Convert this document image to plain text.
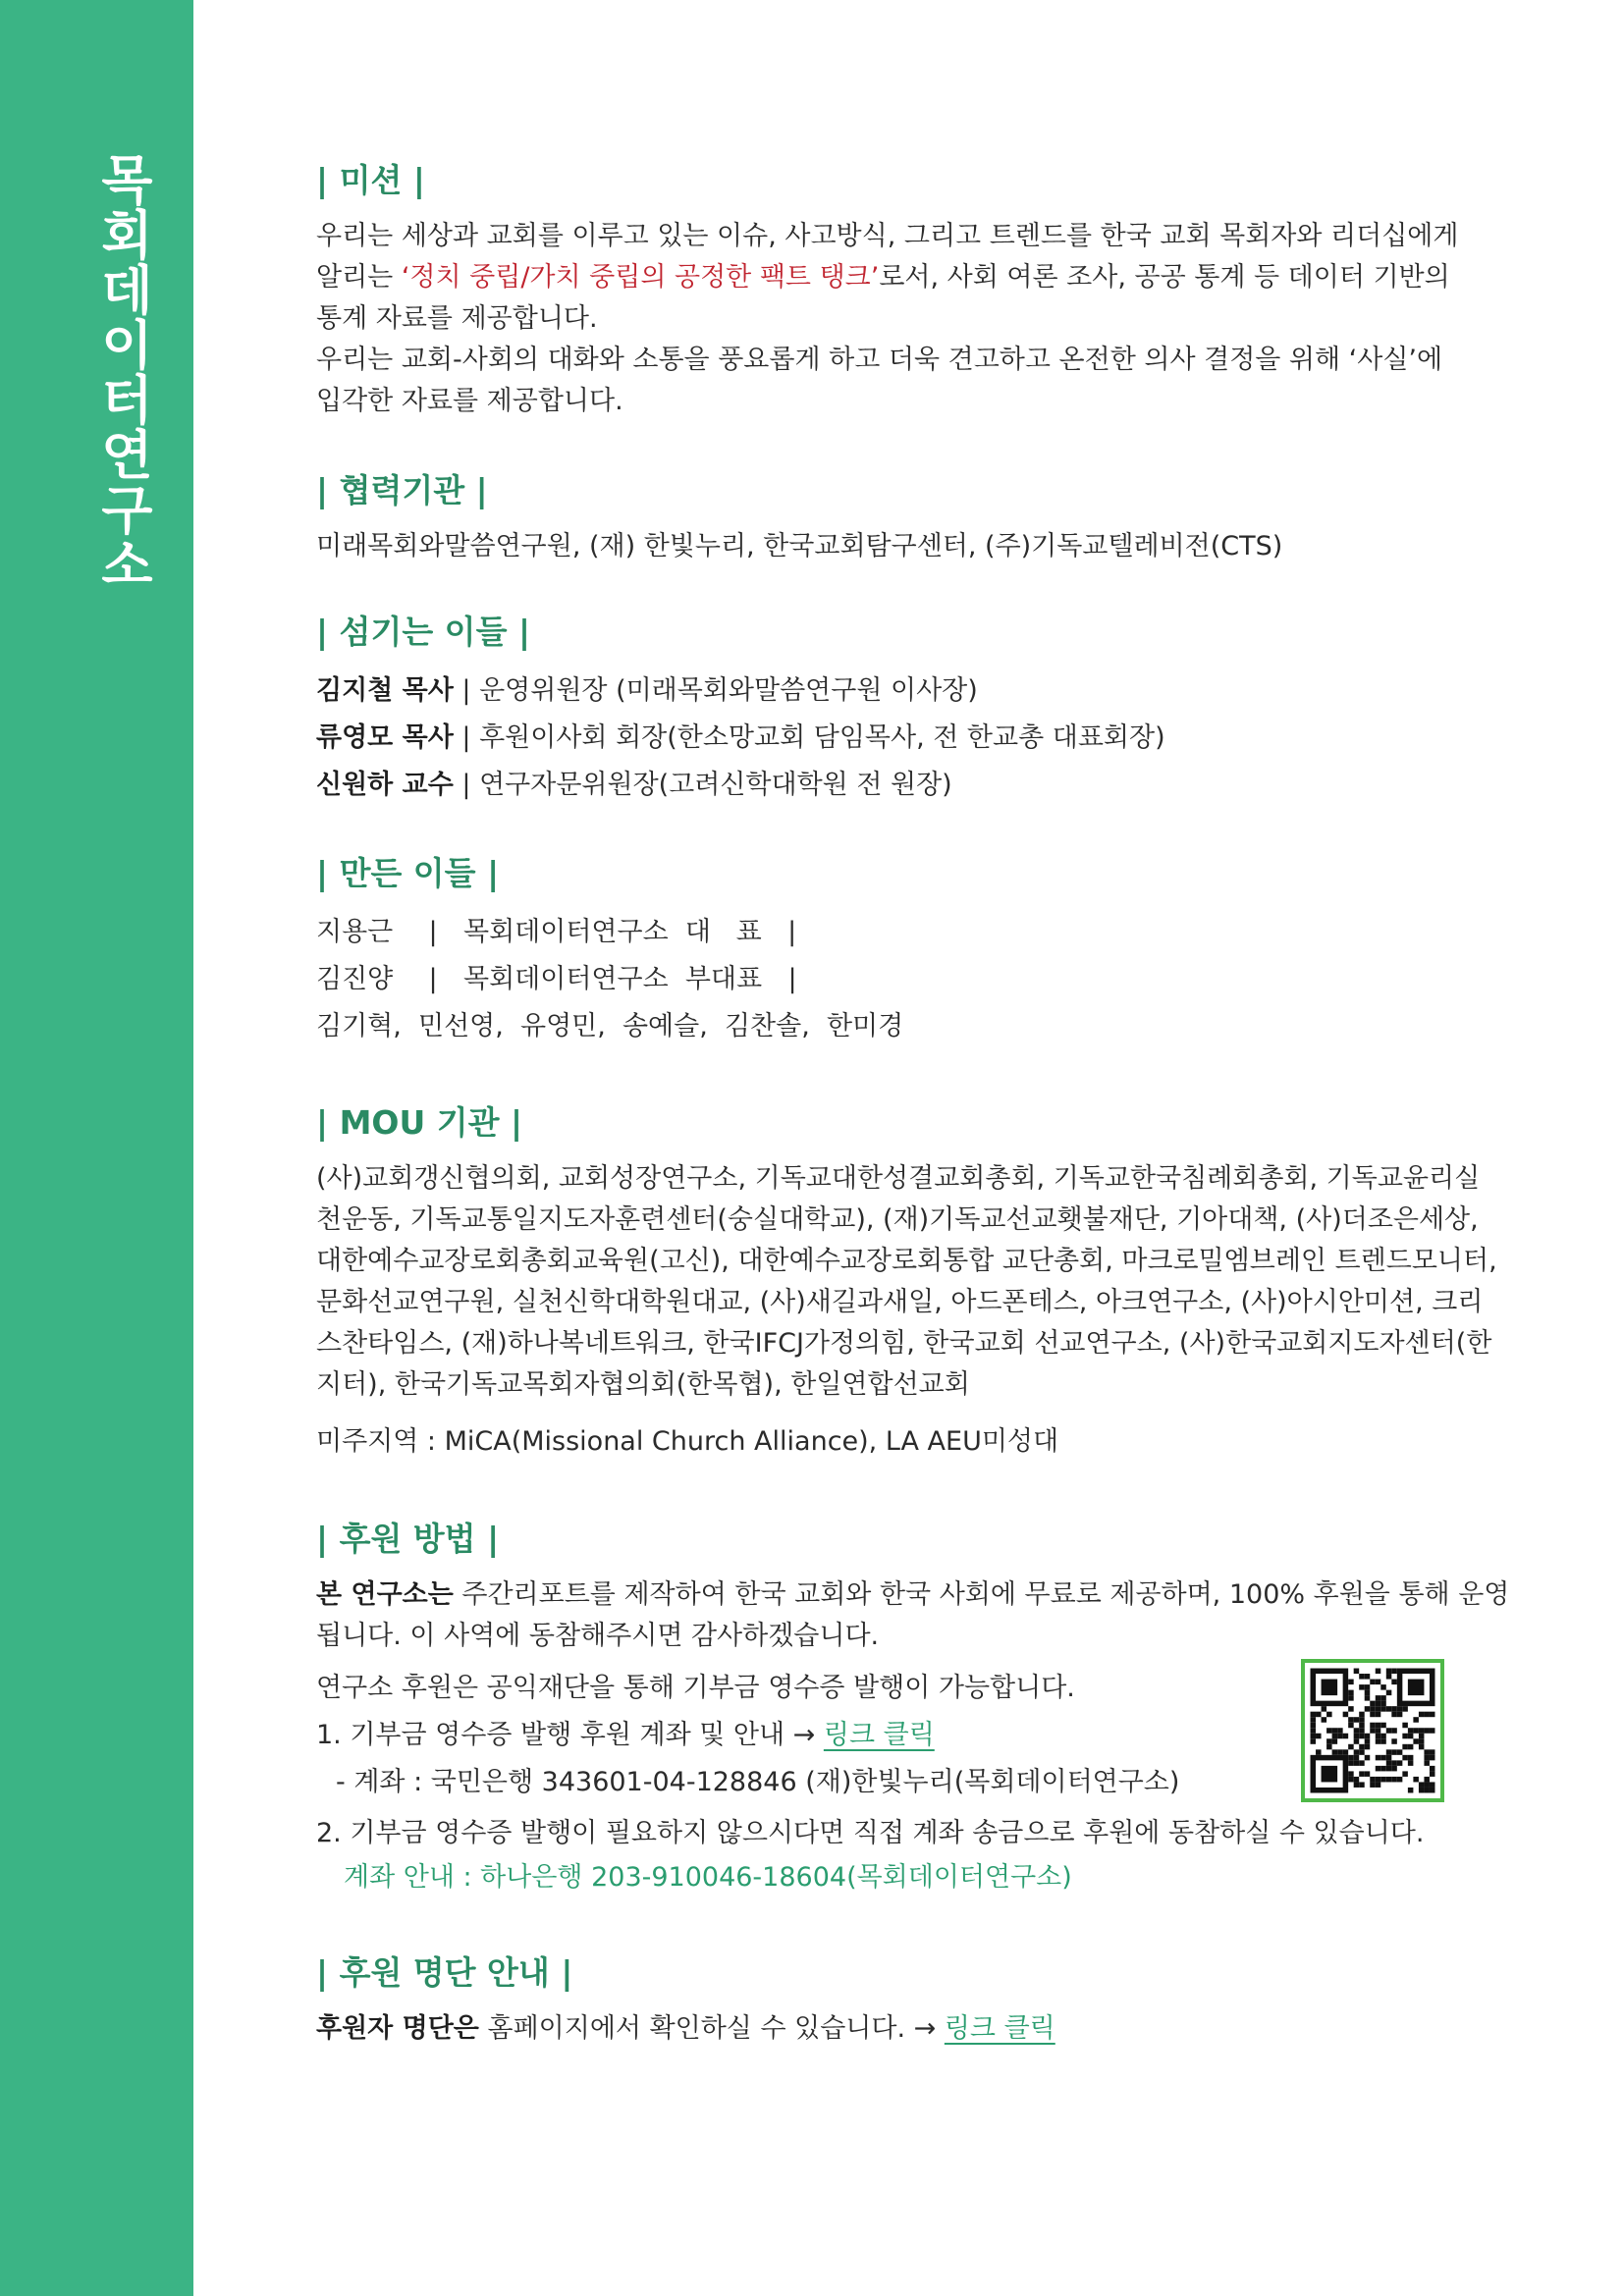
목회데이터연구소	| 미션 |

우리는 세상과 교회를 이루고 있는 이슈, 사고방식, 그리고 트렌드를 한국 교회 목회자와 리더십에게

알리는 ‘정치 중립/가치 중립의 공정한 팩트 탱크’로서, 사회 여론 조사, 공공 통계 등 데이터 기반의

통계 자료를 제공합니다.

우리는 교회-사회의 대화와 소통을 풍요롭게 하고 더욱 견고하고 온전한 의사 결정을 위해 ‘사실’에

입각한 자료를 제공합니다.

| 협력기관 |

미래목회와말씀연구원, (재) 한빛누리, 한국교회탐구센터, (주)기독교텔레비전(CTS)

| 섬기는 이들 |

김지철 목사 | 운영위원장 (미래목회와말씀연구원 이사장)

류영모 목사 | 후원이사회 회장(한소망교회 담임목사, 전 한교총 대표회장)

신원하 교수 | 연구자문위원장(고려신학대학원 전 원장)

| 만든 이들 |
지용근	| 목회데이터연구소  대   표 |
김진양	| 목회데이터연구소  부대표 |

김기혁,  민선영,  유영민,  송예슬,  김찬솔,  한미경

| MOU 기관 |

(사)교회갱신협의회, 교회성장연구소, 기독교대한성결교회총회, 기독교한국침례회총회, 기독교윤리실

천운동, 기독교통일지도자훈련센터(숭실대학교), (재)기독교선교횃불재단, 기아대책, (사)더조은세상,

대한예수교장로회총회교육원(고신), 대한예수교장로회통합 교단총회, 마크로밀엠브레인 트렌드모니터,

문화선교연구원, 실천신학대학원대교, (사)새길과새일, 아드폰테스, 아크연구소, (사)아시안미션, 크리

스찬타임스, (재)하나복네트워크, 한국IFCJ가정의힘, 한국교회 선교연구소, (사)한국교회지도자센터(한

지터), 한국기독교목회자협의회(한목협), 한일연합선교회

미주지역 : MiCA(Missional Church Alliance), LA AEU미성대

| 후원 방법 |

본 연구소는 주간리포트를 제작하여 한국 교회와 한국 사회에 무료로 제공하며, 100% 후원을 통해 운영

됩니다. 이 사역에 동참해주시면 감사하겠습니다.

연구소 후원은 공익재단을 통해 기부금 영수증 발행이 가능합니다.

1. 기부금 영수증 발행 후원 계좌 및 안내 → 링크 클릭

- 계좌 : 국민은행 343601-04-128846 (재)한빛누리(목회데이터연구소)

2. 기부금 영수증 발행이 필요하지 않으시다면 직접 계좌 송금으로 후원에 동참하실 수 있습니다.

계좌 안내 : 하나은행 203-910046-18604(목회데이터연구소)

| 후원 명단 안내 |

후원자 명단은 홈페이지에서 확인하실 수 있습니다. → 링크 클릭
